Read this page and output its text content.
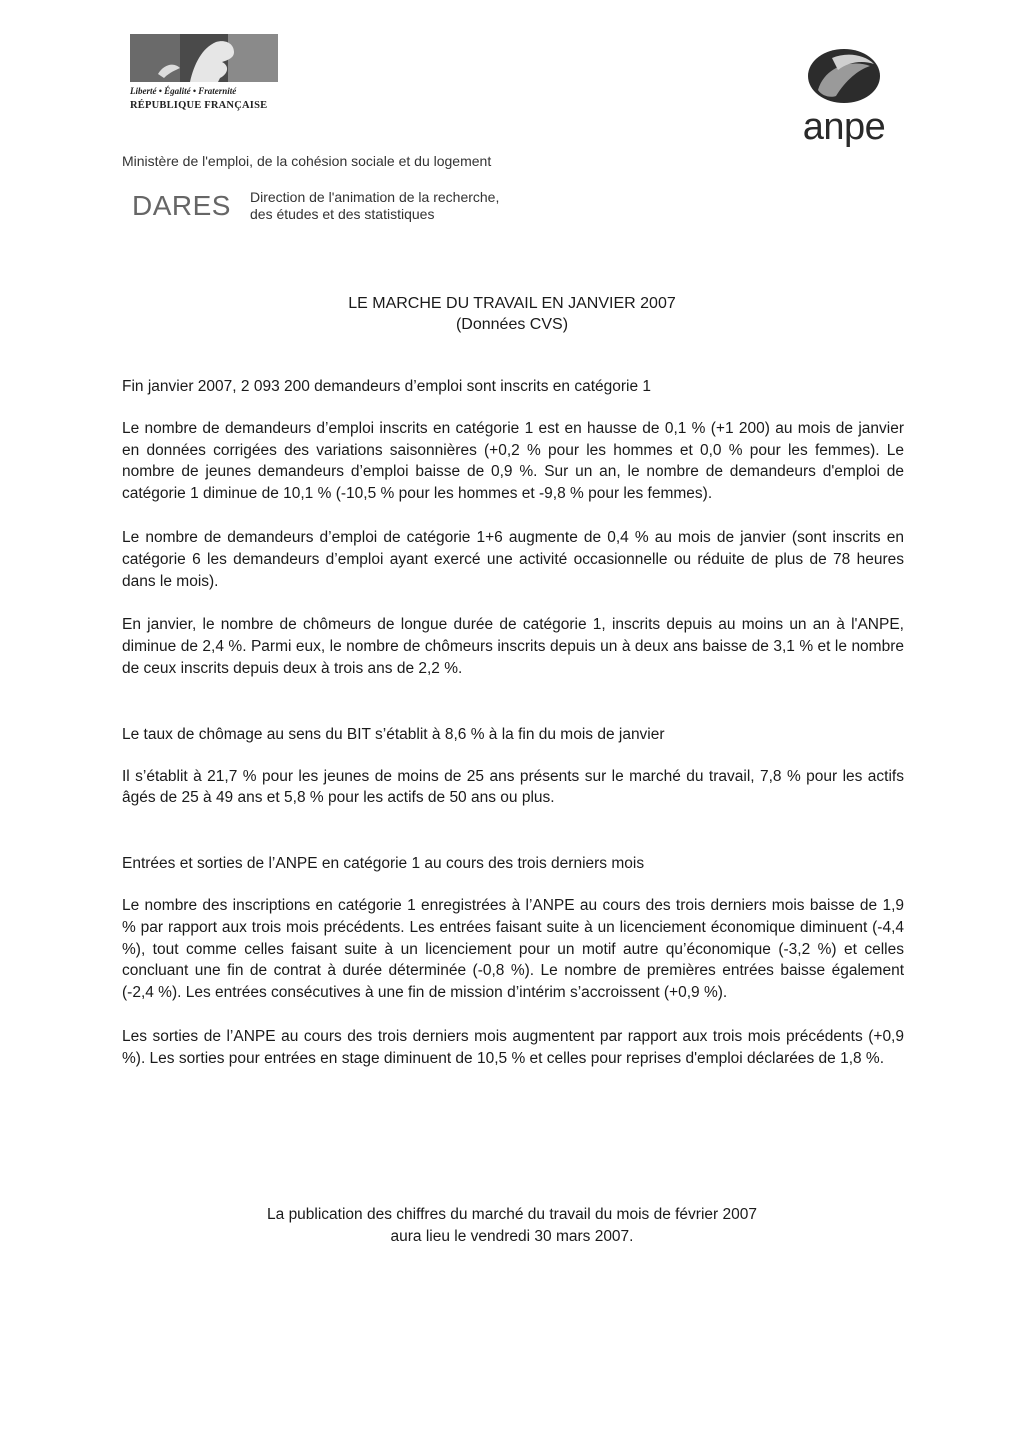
Liberté • Égalité • Fraternité
RÉPUBLIQUE FRANÇAISE
anpe
Ministère de l'emploi, de la cohésion sociale et du logement
DARES Direction de l'animation de la recherche,
des études et des statistiques
LE MARCHE DU TRAVAIL EN JANVIER 2007
(Données CVS)
Fin janvier 2007, 2 093 200 demandeurs d’emploi sont inscrits en catégorie 1

Le nombre de demandeurs d’emploi inscrits en catégorie 1 est en hausse de 0,1 % (+1 200) au mois de janvier en données corrigées des variations saisonnières (+0,2 % pour les hommes et 0,0 % pour les femmes). Le nombre de jeunes demandeurs d’emploi baisse de 0,9 %. Sur un an, le nombre de demandeurs d'emploi de catégorie 1 diminue de 10,1 % (-10,5 % pour les hommes et -9,8 % pour les femmes).

Le nombre de demandeurs d’emploi de catégorie 1+6 augmente de 0,4 % au mois de janvier (sont inscrits en catégorie 6 les demandeurs d’emploi ayant exercé une activité occasionnelle ou réduite de plus de 78 heures dans le mois).

En janvier, le nombre de chômeurs de longue durée de catégorie 1, inscrits depuis au moins un an à l'ANPE, diminue de 2,4 %. Parmi eux, le nombre de chômeurs inscrits depuis un à deux ans baisse de 3,1 % et le nombre de ceux inscrits depuis deux à trois ans de 2,2 %.

Le taux de chômage au sens du BIT s’établit à 8,6 % à la fin du mois de janvier

Il s’établit à 21,7 % pour les jeunes de moins de 25 ans présents sur le marché du travail, 7,8 % pour les actifs âgés de 25 à 49 ans et 5,8 % pour les actifs de 50 ans ou plus.

Entrées et sorties de l’ANPE en catégorie 1 au cours des trois derniers mois

Le nombre des inscriptions en catégorie 1 enregistrées à l’ANPE au cours des trois derniers mois baisse de 1,9 % par rapport aux trois mois précédents. Les entrées faisant suite à un licenciement économique diminuent (-4,4 %), tout comme celles faisant suite à un licenciement pour un motif autre qu’économique (-3,2 %) et celles concluant une fin de contrat à durée déterminée (-0,8 %). Le nombre de premières entrées baisse également (-2,4 %). Les entrées consécutives à une fin de mission d’intérim s’accroissent (+0,9 %).

Les sorties de l’ANPE au cours des trois derniers mois augmentent par rapport aux trois mois précédents (+0,9 %). Les sorties pour entrées en stage diminuent de 10,5 % et celles pour reprises d'emploi déclarées de 1,8 %.

La publication des chiffres du marché du travail du mois de février 2007
aura lieu le vendredi 30 mars 2007.
